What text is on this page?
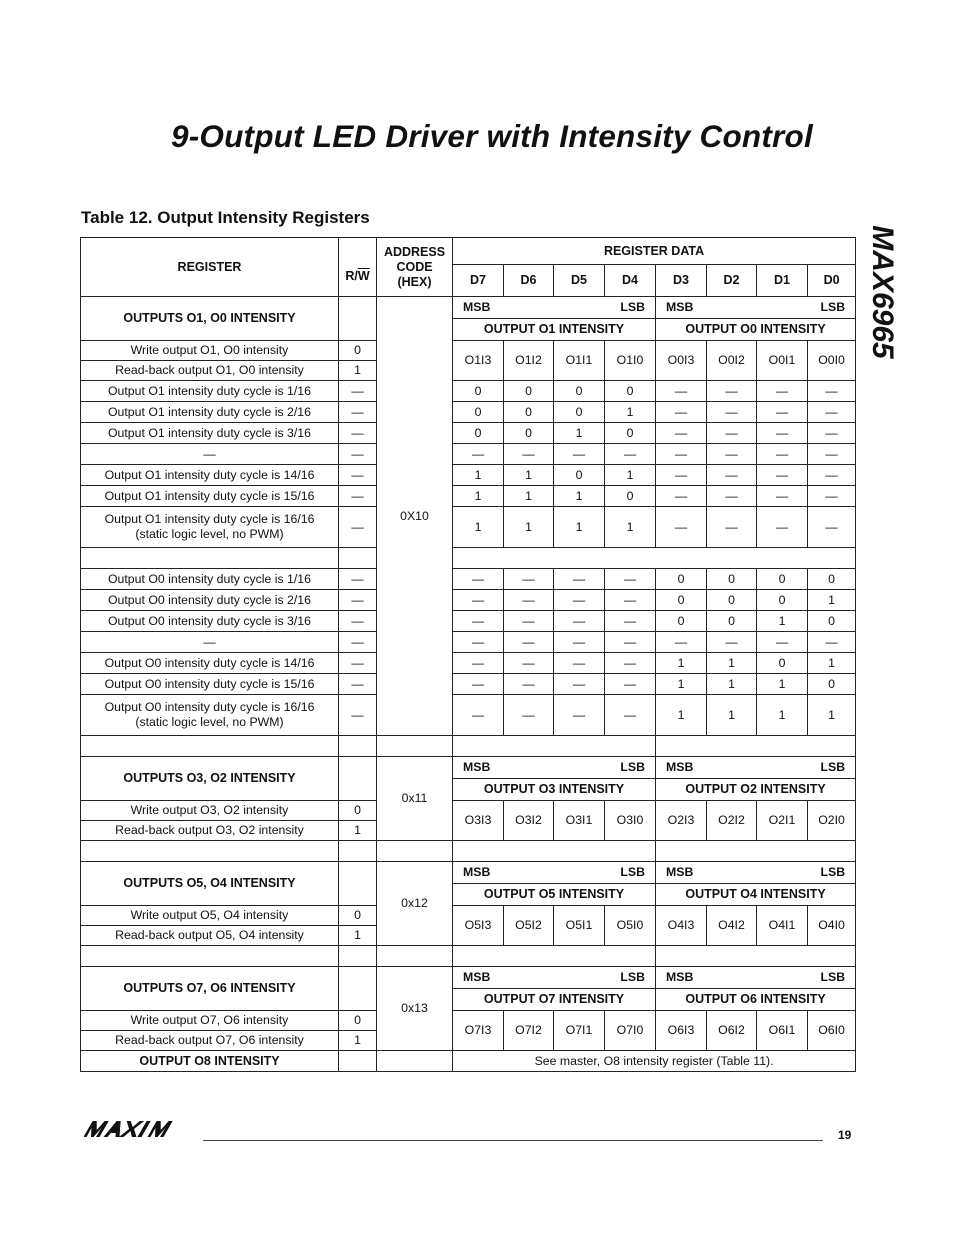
9-Output LED Driver with Intensity Control
MAX6965
Table 12. Output Intensity Registers
REGISTER	$R/\overline{W}$	ADDRESS CODE (HEX)	REGISTER DATA							
			D7	D6	D5	D4	D3	D2	D1	D0
OUTPUTS O1, O0 INTENSITY		0X10	MSB LSB				MSB LSB			

			OUTPUT O1 INTENSITY				OUTPUT O0 INTENSITY			
Write output O1, O0 intensity	0		O1I3	O1I2	O1I1	O1I0	O0I3	O0I2	O0I1	O0I0
Read-back output O1, O0 intensity	1									
Output O1 intensity duty cycle is 1/16	—		0	0	0	0	—	—	—	—
Output O1 intensity duty cycle is 2/16	—		0	0	0	1	—	—	—	—
Output O1 intensity duty cycle is 3/16	—		0	0	1	0	—	—	—	—
—	—		—	—	—	—	—	—	—	—
Output O1 intensity duty cycle is 14/16	—		1	1	0	1	—	—	—	—
Output O1 intensity duty cycle is 15/16	—		1	1	1	0	—	—	—	—
Output O1 intensity duty cycle is 16/16
(static logic level, no PWM)	—		1	1	1	1	—	—	—	—

Output O0 intensity duty cycle is 1/16	—		—	—	—	—	0	0	0	0
Output O0 intensity duty cycle is 2/16	—		—	—	—	—	0	0	0	1
Output O0 intensity duty cycle is 3/16	—		—	—	—	—	0	0	1	0
—	—		—	—	—	—	—	—	—	—
Output O0 intensity duty cycle is 14/16	—		—	—	—	—	1	1	0	1
Output O0 intensity duty cycle is 15/16	—		—	—	—	—	1	1	1	0
Output O0 intensity duty cycle is 16/16
(static logic level, no PWM)	—		—	—	—	—	1	1	1	1

OUTPUTS O3, O2 INTENSITY		0x11	MSB LSB				MSB LSB			

			OUTPUT O3 INTENSITY				OUTPUT O2 INTENSITY			
Write output O3, O2 intensity	0		O3I3	O3I2	O3I1	O3I0	O2I3	O2I2	O2I1	O2I0
Read-back output O3, O2 intensity	1									

OUTPUTS O5, O4 INTENSITY		0x12	MSB LSB				MSB LSB			

			OUTPUT O5 INTENSITY				OUTPUT O4 INTENSITY			
Write output O5, O4 intensity	0		O5I3	O5I2	O5I1	O5I0	O4I3	O4I2	O4I1	O4I0
Read-back output O5, O4 intensity	1									

OUTPUTS O7, O6 INTENSITY		0x13	MSB LSB				MSB LSB			

			OUTPUT O7 INTENSITY				OUTPUT O6 INTENSITY			
Write output O7, O6 intensity	0		O7I3	O7I2	O7I1	O7I0	O6I3	O6I2	O6I1	O6I0
Read-back output O7, O6 intensity	1									
OUTPUT O8 INTENSITY			See master, O8 intensity register (Table 11).							
19
